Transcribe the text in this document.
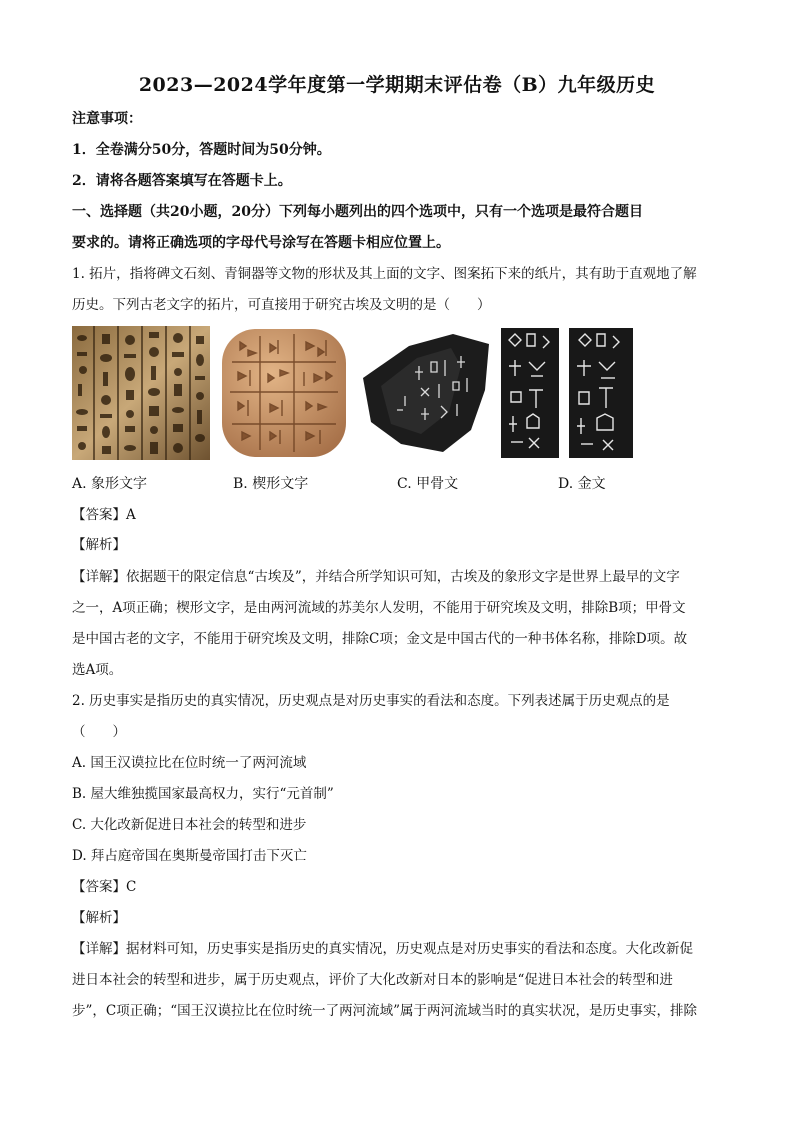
2023—2024学年度第一学期期末评估卷（B）九年级历史
注意事项：
1．全卷满分50分，答题时间为50分钟。
2．请将各题答案填写在答题卡上。
一、选择题（共20小题，20分）下列每小题列出的四个选项中，只有一个选项是最符合题目
要求的。请将正确选项的字母代号涂写在答题卡相应位置上。
1. 拓片，指将碑文石刻、青铜器等文物的形状及其上面的文字、图案拓下来的纸片，其有助于直观地了解
历史。下列古老文字的拓片，可直接用于研究古埃及文明的是（　　）
A. 象形文字	B. 楔形文字	C. 甲骨文	D. 金文
【答案】A
【解析】
【详解】依据题干的限定信息“古埃及”，并结合所学知识可知，古埃及的象形文字是世界上最早的文字
之一，A项正确；楔形文字，是由两河流域的苏美尔人发明，不能用于研究埃及文明，排除B项；甲骨文
是中国古老的文字，不能用于研究埃及文明，排除C项；金文是中国古代的一种书体名称，排除D项。故
选A项。
2. 历史事实是指历史的真实情况，历史观点是对历史事实的看法和态度。下列表述属于历史观点的是
（　　）
A. 国王汉谟拉比在位时统一了两河流域
B. 屋大维独揽国家最高权力，实行“元首制”
C. 大化改新促进日本社会的转型和进步
D. 拜占庭帝国在奥斯曼帝国打击下灭亡
【答案】C
【解析】
【详解】据材料可知，历史事实是指历史的真实情况，历史观点是对历史事实的看法和态度。大化改新促
进日本社会的转型和进步，属于历史观点，评价了大化改新对日本的影响是“促进日本社会的转型和进
步”，C项正确；“国王汉谟拉比在位时统一了两河流域”属于两河流域当时的真实状况，是历史事实，排除
